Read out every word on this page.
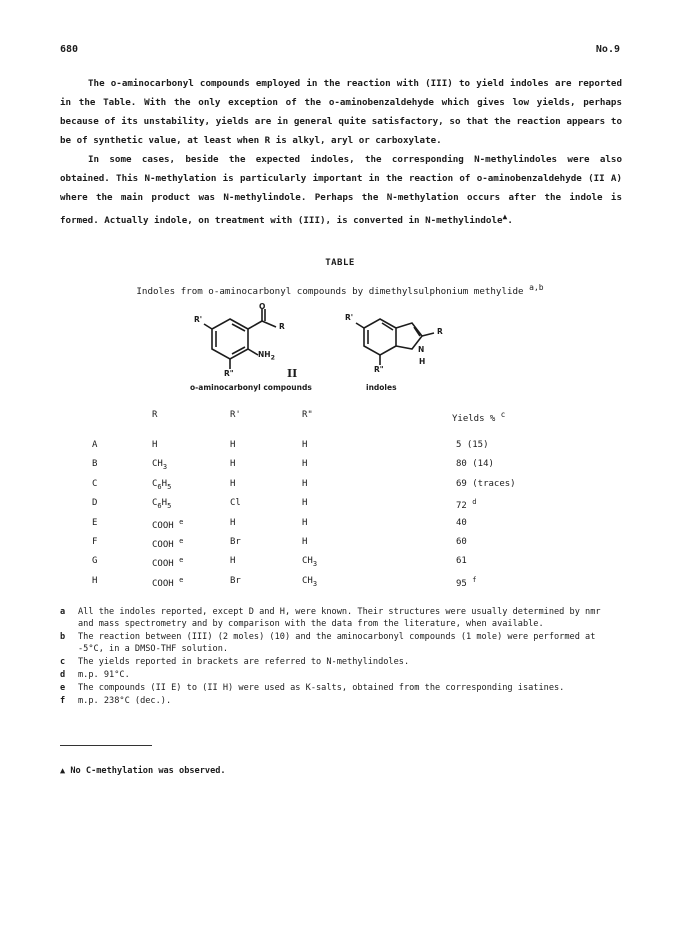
680	No.9

The o-aminocarbonyl compounds employed in the reaction with (III) to yield indoles are reported in the Table. With the only exception of the o-aminobenzaldehyde which gives low yields, perhaps because of its unstability, yields are in general quite satisfactory, so that the reaction appears to be of synthetic value, at least when R is alkyl, aryl or carboxylate.

In some cases, beside the expected indoles, the corresponding N-methylindoles were also obtained. This N-methylation is particularly important in the reaction of o-aminobenzaldehyde (II A) where the main product was N-methylindole. Perhaps the N-methylation occurs after the indole is formed. Actually indole, on treatment with (III), is converted in N-methylindole▲.

TABLE
Indoles from o-aminocarbonyl compounds by dimethylsulphonium methylide $^{a,b}$
R'
O
R
$NH_2$
R"	II
R'
R
N
H
R"
o-aminocarbonyl compounds	indoles
R	R'	R"	Yields % $^c$
A	H	H	H	5 (15)
B	$CH_3$	H	H	80 (14)
C	$C_6H_5$	H	H	69 (traces)
D	$C_6H_5$	Cl	H	72 $^d$
E	COOH $^e$	H	H	40
F	COOH $^e$	Br	H	60
G	COOH $^e$	H	$CH_3$	61
H	COOH $^e$	Br	$CH_3$	95 $^f$
a	All the indoles reported, except D and H, were known. Their structures were usually determined by nmr and mass spectrometry and by comparison with the data from the literature, when available.
b	The reaction between (III) (2 moles) (10) and the aminocarbonyl compounds (1 mole) were performed at -5°C, in a DMSO-THF solution.
c	The yields reported in brackets are referred to N-methylindoles.
d	m.p. 91°C.
e	The compounds (II E) to (II H) were used as K-salts, obtained from the corresponding isatines.
f	m.p. 238°C (dec.).
▲ No C-methylation was observed.
